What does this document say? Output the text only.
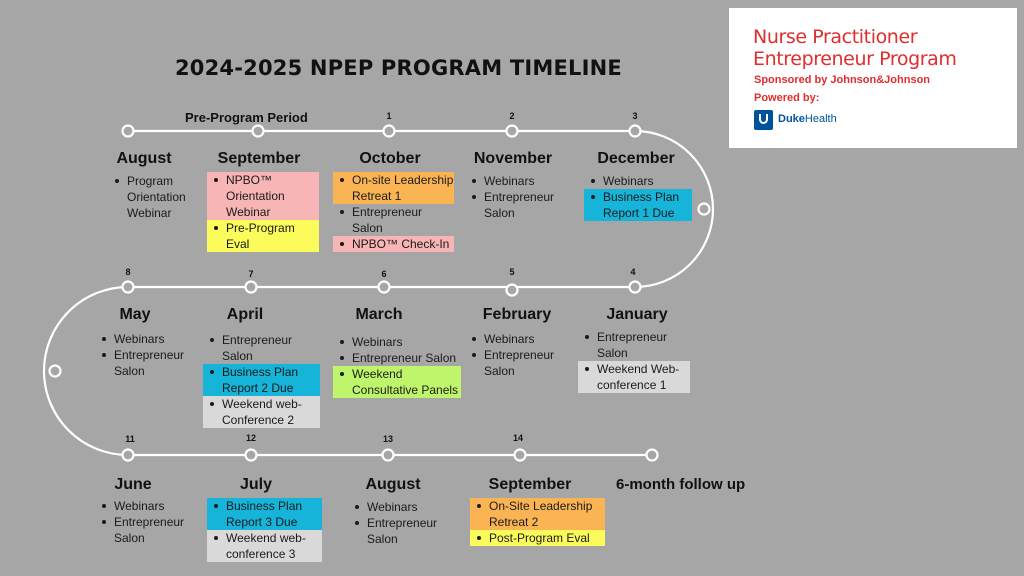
2024-2025 NPEP PROGRAM TIMELINE
Nurse Practitioner
Entrepreneur Program
Sponsored by Johnson&Johnson
Powered by:
DukeHealth
Pre-Program Period
6-month follow up
August
Program Orientation Webinar
September
NPBO™ Orientation Webinar
Pre-Program Eval
1
October
On-site Leadership Retreat 1
Entrepreneur Salon
NPBO™ Check-In
2
November
Webinars
Entrepreneur Salon
3
December
Webinars
Business Plan Report 1 Due
4
January
Entrepreneur Salon
Weekend Web-conference 1
5
February
Webinars
Entrepreneur Salon
6
March
Webinars
Entrepreneur Salon
Weekend Consultative Panels
7
April
Entrepreneur Salon
Business Plan Report 2 Due
Weekend web-Conference 2
8
May
Webinars
Entrepreneur Salon
11
June
Webinars
Entrepreneur Salon
12
July
Business Plan Report 3 Due
Weekend web-conference 3
13
August
Webinars
Entrepreneur Salon
14
September
On-Site Leadership Retreat 2
Post-Program Eval
